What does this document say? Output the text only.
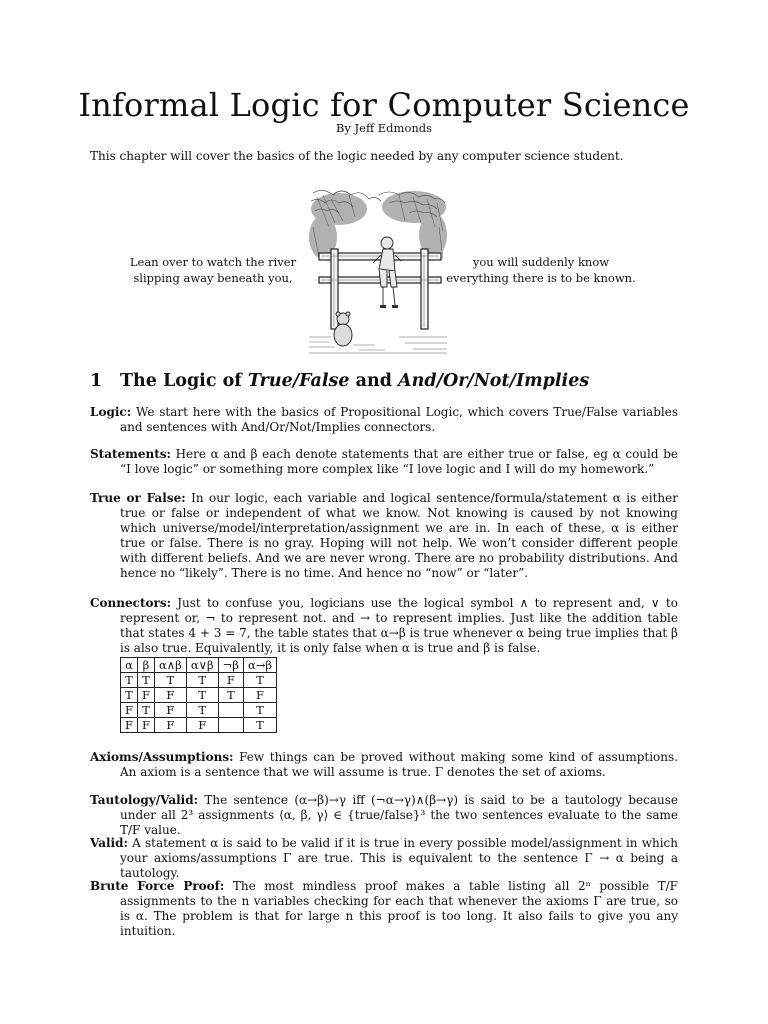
Informal Logic for Computer Science
By Jeff Edmonds
This chapter will cover the basics of the logic needed by any computer science student.
Lean over to watch the river
slipping away beneath you,
you will suddenly know
everything there is to be known.
1 The Logic of True/False and And/Or/Not/Implies
Logic: We start here with the basics of Propositional Logic, which covers True/False variables and sentences with And/Or/Not/Implies connectors.
Statements: Here α and β each denote statements that are either true or false, eg α could be “I love logic” or something more complex like “I love logic and I will do my homework.”
True or False: In our logic, each variable and logical sentence/formula/statement α is either true or false or independent of what we know. Not knowing is caused by not knowing which universe/model/interpretation/assignment we are in. In each of these, α is either true or false. There is no gray. Hoping will not help. We won’t consider different people with different beliefs. And we are never wrong. There are no probability distributions. And hence no “likely”. There is no time. And hence no “now” or “later”.
Connectors: Just to confuse you, logicians use the logical symbol ∧ to represent and, ∨ to represent or, ¬ to represent not. and → to represent implies. Just like the addition table that states 4 + 3 = 7, the table states that α→β is true whenever α being true implies that β is also true. Equivalently, it is only false when α is true and β is false.
α	β	α∧β	α∨β	¬β	α→β
T	T	T	T	F	T
T	F	F	T	T	F
F	T	F	T		T
F	F	F	F		T
Axioms/Assumptions: Few things can be proved without making some kind of assumptions. An axiom is a sentence that we will assume is true. Γ denotes the set of axioms.
Tautology/Valid: The sentence (α→β)→γ iff (¬α→γ)∧(β→γ) is said to be a tautology because under all 2³ assignments ⟨α, β, γ⟩ ∈ {true/false}³ the two sentences evaluate to the same T/F value.
Valid: A statement α is said to be valid if it is true in every possible model/assignment in which your axioms/assumptions Γ are true. This is equivalent to the sentence Γ → α being a tautology.
Brute Force Proof: The most mindless proof makes a table listing all 2ⁿ possible T/F assignments to the n variables checking for each that whenever the axioms Γ are true, so is α. The problem is that for large n this proof is too long. It also fails to give you any intuition.
